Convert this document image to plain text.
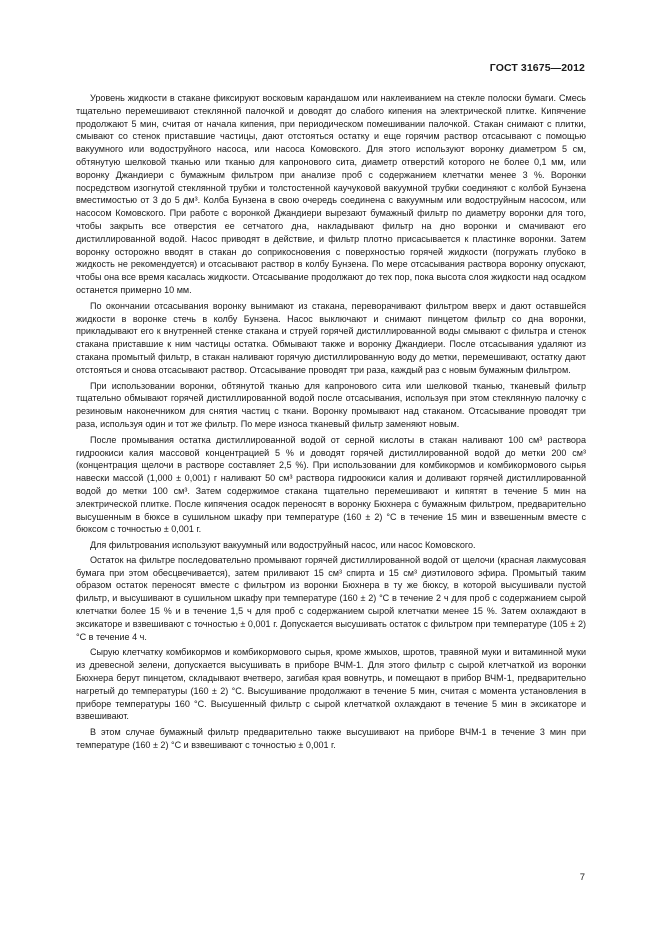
ГОСТ 31675—2012

Уровень жидкости в стакане фиксируют восковым карандашом или наклеиванием на стекле полоски бумаги. Смесь тщательно перемешивают стеклянной палочкой и доводят до слабого кипения на электрической плитке. Кипячение продолжают 5 мин, считая от начала кипения, при периодическом помешивании палочкой. Стакан снимают с плитки, смывают со стенок приставшие частицы, дают отстояться остатку и еще горячим раствор отсасывают с помощью вакуумного или водоструйного насоса, или насоса Комовского. Для этого используют воронку диаметром 5 см, обтянутую шелковой тканью или тканью для капронового сита, диаметр отверстий которого не более 0,1 мм, или воронку Джандиери с бумажным фильтром при анализе проб с содержанием клетчатки менее 3 %. Воронки посредством изогнутой стеклянной трубки и толстостенной каучуковой вакуумной трубки соединяют с колбой Бунзена вместимостью от 3 до 5 дм³. Колба Бунзена в свою очередь соединена с вакуумным или водоструйным насосом, или насосом Комовского. При работе с воронкой Джандиери вырезают бумажный фильтр по диаметру воронки для того, чтобы закрыть все отверстия ее сетчатого дна, накладывают фильтр на дно воронки и смачивают его дистиллированной водой. Насос приводят в действие, и фильтр плотно присасывается к пластинке воронки. Затем воронку осторожно вводят в стакан до соприкосновения с поверхностью горячей жидкости (погружать глубоко в жидкость не рекомендуется) и отсасывают раствор в колбу Бунзена. По мере отсасывания раствора воронку опускают, чтобы она все время касалась жидкости. Отсасывание продолжают до тех пор, пока высота слоя жидкости над осадком останется примерно 10 мм.

По окончании отсасывания воронку вынимают из стакана, переворачивают фильтром вверх и дают оставшейся жидкости в воронке стечь в колбу Бунзена. Насос выключают и снимают пинцетом фильтр со дна воронки, прикладывают его к внутренней стенке стакана и струей горячей дистиллированной воды смывают с фильтра и стенок стакана приставшие к ним частицы остатка. Обмывают также и воронку Джандиери. После отсасывания удаляют из стакана промытый фильтр, в стакан наливают горячую дистиллированную воду до метки, перемешивают, остатку дают отстояться и снова отсасывают раствор. Отсасывание проводят три раза, каждый раз с новым бумажным фильтром.

При использовании воронки, обтянутой тканью для капронового сита или шелковой тканью, тканевый фильтр тщательно обмывают горячей дистиллированной водой после отсасывания, используя при этом стеклянную палочку с резиновым наконечником для снятия частиц с ткани. Воронку промывают над стаканом. Отсасывание проводят три раза, используя один и тот же фильтр. По мере износа тканевый фильтр заменяют новым.

После промывания остатка дистиллированной водой от серной кислоты в стакан наливают 100 см³ раствора гидроокиси калия массовой концентрацией 5 % и доводят горячей дистиллированной водой до метки 200 см³ (концентрация щелочи в растворе составляет 2,5 %). При использовании для комбикормов и комбикормового сырья навески массой (1,000 ± 0,001) г наливают 50 см³ раствора гидроокиси калия и доливают горячей дистиллированной водой до метки 100 см³. Затем содержимое стакана тщательно перемешивают и кипятят в течение 5 мин на электрической плитке. После кипячения осадок переносят в воронку Бюхнера с бумажным фильтром, предварительно высушенным в бюксе в сушильном шкафу при температуре (160 ± 2) °С в течение 15 мин и взвешенным вместе с бюксом с точностью ± 0,001 г.

Для фильтрования используют вакуумный или водоструйный насос, или насос Комовского.

Остаток на фильтре последовательно промывают горячей дистиллированной водой от щелочи (красная лакмусовая бумага при этом обесцвечивается), затем приливают 15 см³ спирта и 15 см³ диэтилового эфира. Промытый таким образом остаток переносят вместе с фильтром из воронки Бюхнера в ту же бюксу, в которой высушивали пустой фильтр, и высушивают в сушильном шкафу при температуре (160 ± 2) °С в течение 2 ч для проб с содержанием сырой клетчатки более 15 % и в течение 1,5 ч для проб с содержанием сырой клетчатки менее 15 %. Затем охлаждают в эксикаторе и взвешивают с точностью ± 0,001 г. Допускается высушивать остаток с фильтром при температуре (105 ± 2) °С в течение 4 ч.

Сырую клетчатку комбикормов и комбикормового сырья, кроме жмыхов, шротов, травяной муки и витаминной муки из древесной зелени, допускается высушивать в приборе ВЧМ-1. Для этого фильтр с сырой клетчаткой из воронки Бюхнера берут пинцетом, складывают вчетверо, загибая края вовнутрь, и помещают в прибор ВЧМ-1, предварительно нагретый до температуры (160 ± 2) °С. Высушивание продолжают в течение 5 мин, считая с момента установления в приборе температуры 160 °С. Высушенный фильтр с сырой клетчаткой охлаждают в течение 5 мин в эксикаторе и взвешивают.

В этом случае бумажный фильтр предварительно также высушивают на приборе ВЧМ-1 в течение 3 мин при температуре (160 ± 2) °С и взвешивают с точностью ± 0,001 г.

7
